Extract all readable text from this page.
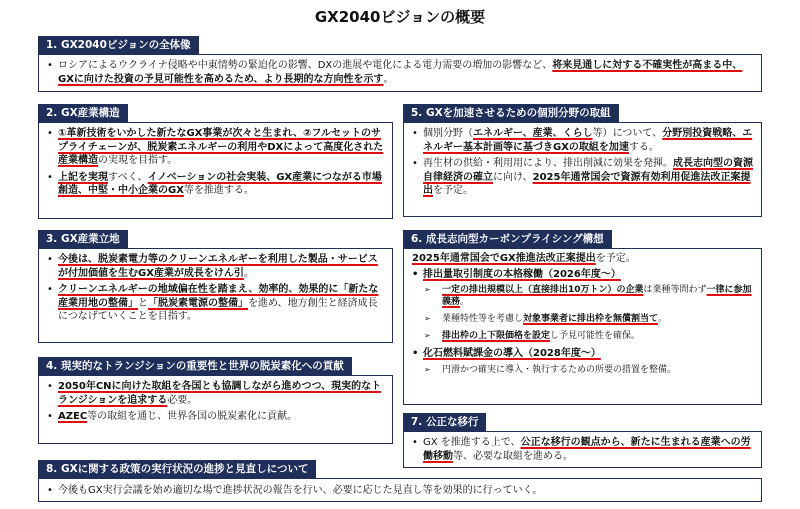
GX2040ビジョンの概要
1. GX2040ビジョンの全体像
• ロシアによるウクライナ侵略や中東情勢の緊迫化の影響、DXの進展や電化による電力需要の増加の影響など、将来見通しに対する不確実性が高まる中、GXに向けた投資の予見可能性を高めるため、より長期的な方向性を示す。
2. GX産業構造
• ①革新技術をいかした新たなGX事業が次々と生まれ、②フルセットのサプライチェーンが、脱炭素エネルギーの利用やDXによって高度化された産業構造の実現を目指す。
• 上記を実現すべく、イノベーションの社会実装、GX産業につながる市場創造、中堅・中小企業のGX等を推進する。
3. GX産業立地
• 今後は、脱炭素電力等のクリーンエネルギーを利用した製品・サービスが付加価値を生むGX産業が成長をけん引。
• クリーンエネルギーの地域偏在性を踏まえ、効率的、効果的に「新たな産業用地の整備」と「脱炭素電源の整備」を進め、地方創生と経済成長につなげていくことを目指す。
4. 現実的なトランジションの重要性と世界の脱炭素化への貢献
• 2050年CNに向けた取組を各国とも協調しながら進めつつ、現実的なトランジションを追求する必要。
• AZEC等の取組を通じ、世界各国の脱炭素化に貢献。
5. GXを加速させるための個別分野の取組
• 個別分野（エネルギー、産業、くらし等）について、分野別投資戦略、エネルギー基本計画等に基づきGXの取組を加速する。
• 再生材の供給・利用用により、排出削減に効果を発揮。成長志向型の資源自律経済の確立に向け、2025年通常国会で資源有効利用促進法改正案提出を予定。
6. 成長志向型カーボンプライシング構想
2025年通常国会でGX推進法改正案提出を予定。
• 排出量取引制度の本格稼働（2026年度～）
➢ 一定の排出規模以上（直接排出10万トン）の企業は業種等問わず一律に参加義務。
➢ 業種特性等を考慮し対象事業者に排出枠を無償割当て。
➢ 排出枠の上下限価格を設定し予見可能性を確保。
• 化石燃料賦課金の導入（2028年度～）
➢ 円滑かつ確実に導入・執行するための所要の措置を整備。
7. 公正な移行
• GX を推進する上で、公正な移行の観点から、新たに生まれる産業への労働移動等、必要な取組を進める。
8. GXに関する政策の実行状況の進捗と見直しについて
• 今後もGX実行会議を始め適切な場で進捗状況の報告を行い、必要に応じた見直し等を効果的に行っていく。
